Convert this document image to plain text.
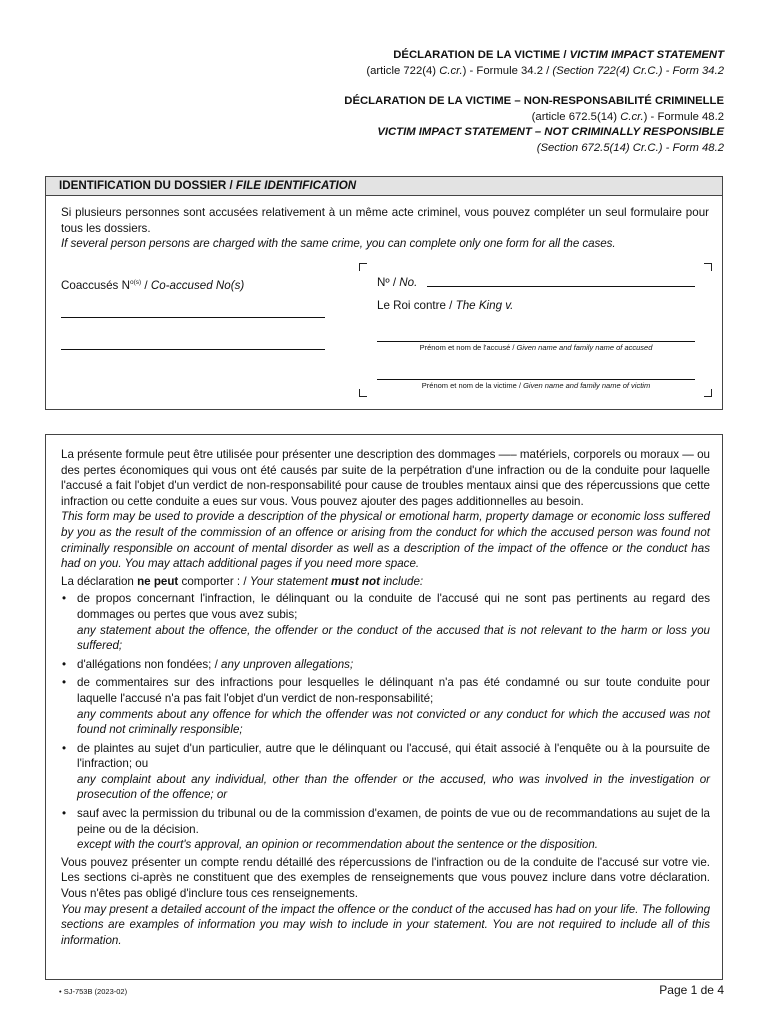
DÉCLARATION DE LA VICTIME / VICTIM IMPACT STATEMENT
(article 722(4) C.cr.) - Formule 34.2 / (Section 722(4) Cr.C.) - Form 34.2
DÉCLARATION DE LA VICTIME – NON-RESPONSABILITÉ CRIMINELLE
(article 672.5(14) C.cr.) - Formule 48.2
VICTIM IMPACT STATEMENT – NOT CRIMINALLY RESPONSIBLE
(Section 672.5(14) Cr.C.) - Form 48.2
IDENTIFICATION DU DOSSIER / FILE IDENTIFICATION
Si plusieurs personnes sont accusées relativement à un même acte criminel, vous pouvez compléter un seul formulaire pour tous les dossiers.
If several person persons are charged with the same crime, you can complete only one form for all the cases.
Coaccusés $N^{o(s)}$ / Co-accused No(s)	Nº / No.
Le Roi contre / The King v.
Prénom et nom de l'accusé / Given name and family name of accused
Prénom et nom de la victime / Given name and family name of victim
La présente formule peut être utilisée pour présenter une description des dommages —– matériels, corporels ou moraux — ou des pertes économiques qui vous ont été causés par suite de la perpétration d'une infraction ou de la conduite pour laquelle l'accusé a fait l'objet d'un verdict de non-responsabilité pour cause de troubles mentaux ainsi que des répercussions que cette infraction ou cette conduite a eues sur vous. Vous pouvez ajouter des pages additionnelles au besoin.
This form may be used to provide a description of the physical or emotional harm, property damage or economic loss suffered by you as the result of the commission of an offence or arising from the conduct for which the accused person was found not criminally responsible on account of mental disorder as well as a description of the impact of the offence or the conduct has had on you. You may attach additional pages if you need more space.
La déclaration ne peut comporter : / Your statement must not include:
• de propos concernant l'infraction, le délinquant ou la conduite de l'accusé qui ne sont pas pertinents au regard des dommages ou pertes que vous avez subis;
any statement about the offence, the offender or the conduct of the accused that is not relevant to the harm or loss you suffered;
• d'allégations non fondées; / any unproven allegations;
• de commentaires sur des infractions pour lesquelles le délinquant n'a pas été condamné ou sur toute conduite pour laquelle l'accusé n'a pas fait l'objet d'un verdict de non-responsabilité;
any comments about any offence for which the offender was not convicted or any conduct for which the accused was not found not criminally responsible;
• de plaintes au sujet d'un particulier, autre que le délinquant ou l'accusé, qui était associé à l'enquête ou à la poursuite de l'infraction; ou
any complaint about any individual, other than the offender or the accused, who was involved in the investigation or prosecution of the offence; or
• sauf avec la permission du tribunal ou de la commission d'examen, de points de vue ou de recommandations au sujet de la peine ou de la décision.
except with the court's approval, an opinion or recommendation about the sentence or the disposition.
Vous pouvez présenter un compte rendu détaillé des répercussions de l'infraction ou de la conduite de l'accusé sur votre vie. Les sections ci-après ne constituent que des exemples de renseignements que vous pouvez inclure dans votre déclaration. Vous n'êtes pas obligé d'inclure tous ces renseignements.
You may present a detailed account of the impact the offence or the conduct of the accused has had on your life. The following sections are examples of information you may wish to include in your statement. You are not required to include all of this information.
• SJ-753B (2023-02)	Page 1 de 4
